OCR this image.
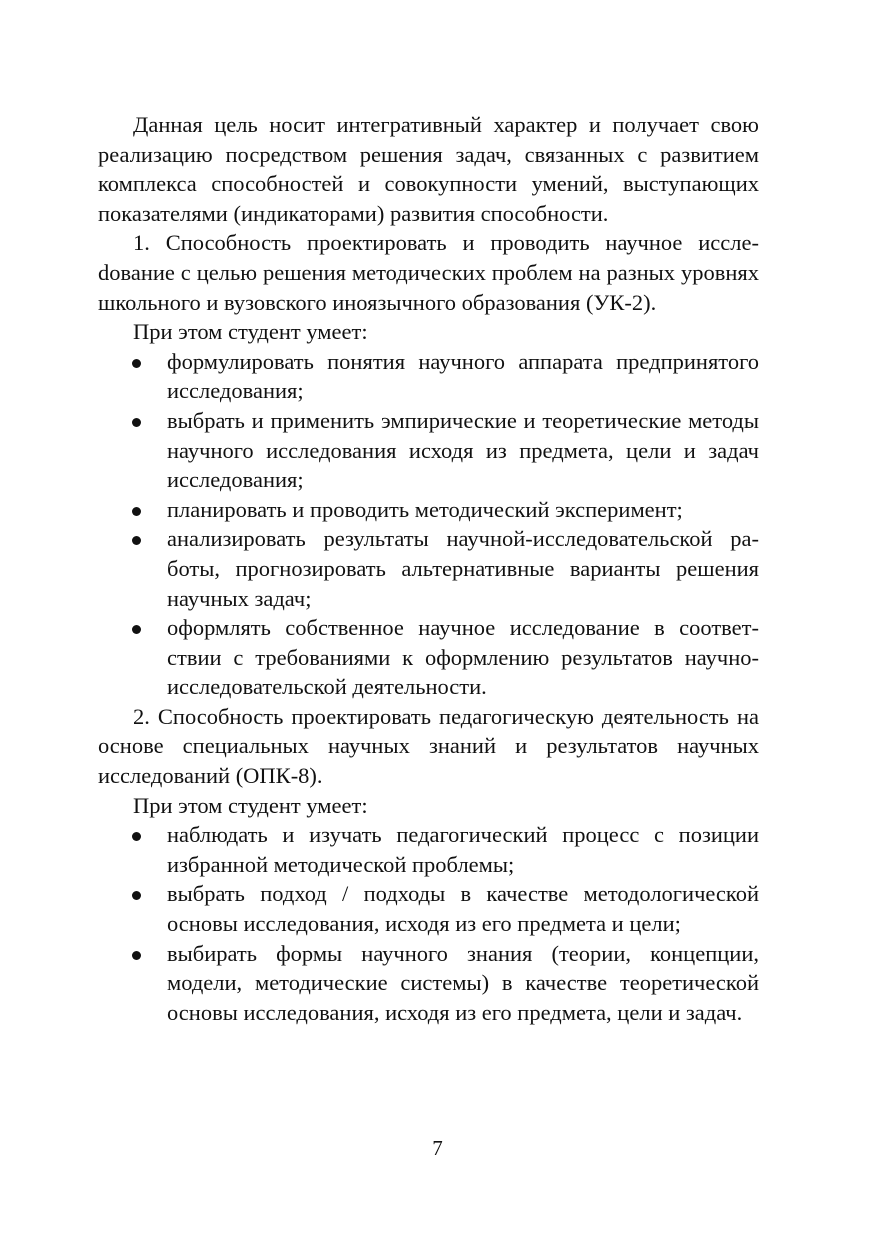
Данная цель носит интегративный характер и получает свою реализацию посредством решения задач, связанных с развитием комплекса способностей и совокупности умений, выступающих показателями (индикаторами) развития способности.

1. Способность проектировать и проводить научное исслеdование с целью решения методических проблем на разных уровнях школьного и вузовского иноязычного образования (УК-2).

При этом студент умеет:

формулировать понятия научного аппарата предпринятого исследования;
выбрать и применить эмпирические и теоретические методы научного исследования исходя из предмета, цели и задач исследования;
планировать и проводить методический эксперимент;
анализировать результаты научной-исследовательской работы, прогнозировать альтернативные варианты решения научных задач;
оформлять собственное научное исследование в соответствии с требованиями к оформлению результатов научно-исследовательской деятельности.

2. Способность проектировать педагогическую деятельность на основе специальных научных знаний и результатов научных исследований (ОПК-8).

При этом студент умеет:

наблюдать и изучать педагогический процесс с позиции избранной методической проблемы;
выбрать подход / подходы в качестве методологической основы исследования, исходя из его предмета и цели;
выбирать формы научного знания (теории, концепции, модели, методические системы) в качестве теоретической основы исследования, исходя из его предмета, цели и задач.
7
